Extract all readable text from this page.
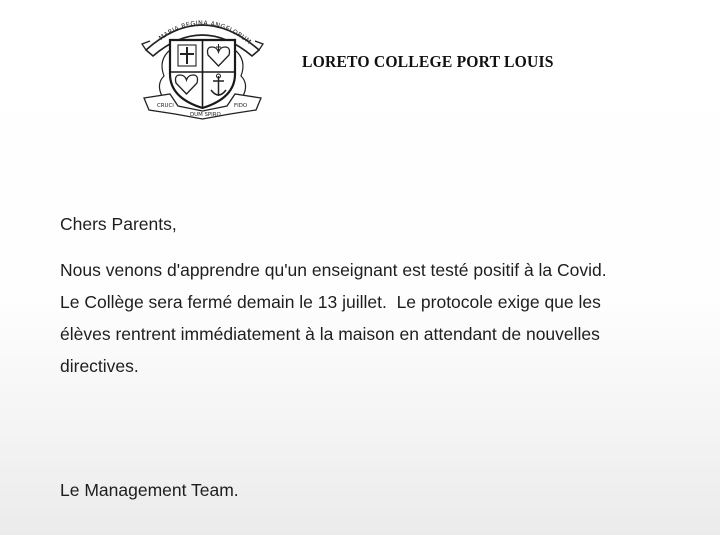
MARIA REGINA ANGELORUM
CRUCI
DUM SPIRO
FIDO
LORETO COLLEGE PORT LOUIS
Chers Parents,

Nous venons d'apprendre qu'un enseignant est testé positif à la Covid.

Le Collège sera fermé demain le 13 juillet.  Le protocole exige que les

élèves rentrent immédiatement à la maison en attendant de nouvelles

directives.

Le Management Team.
